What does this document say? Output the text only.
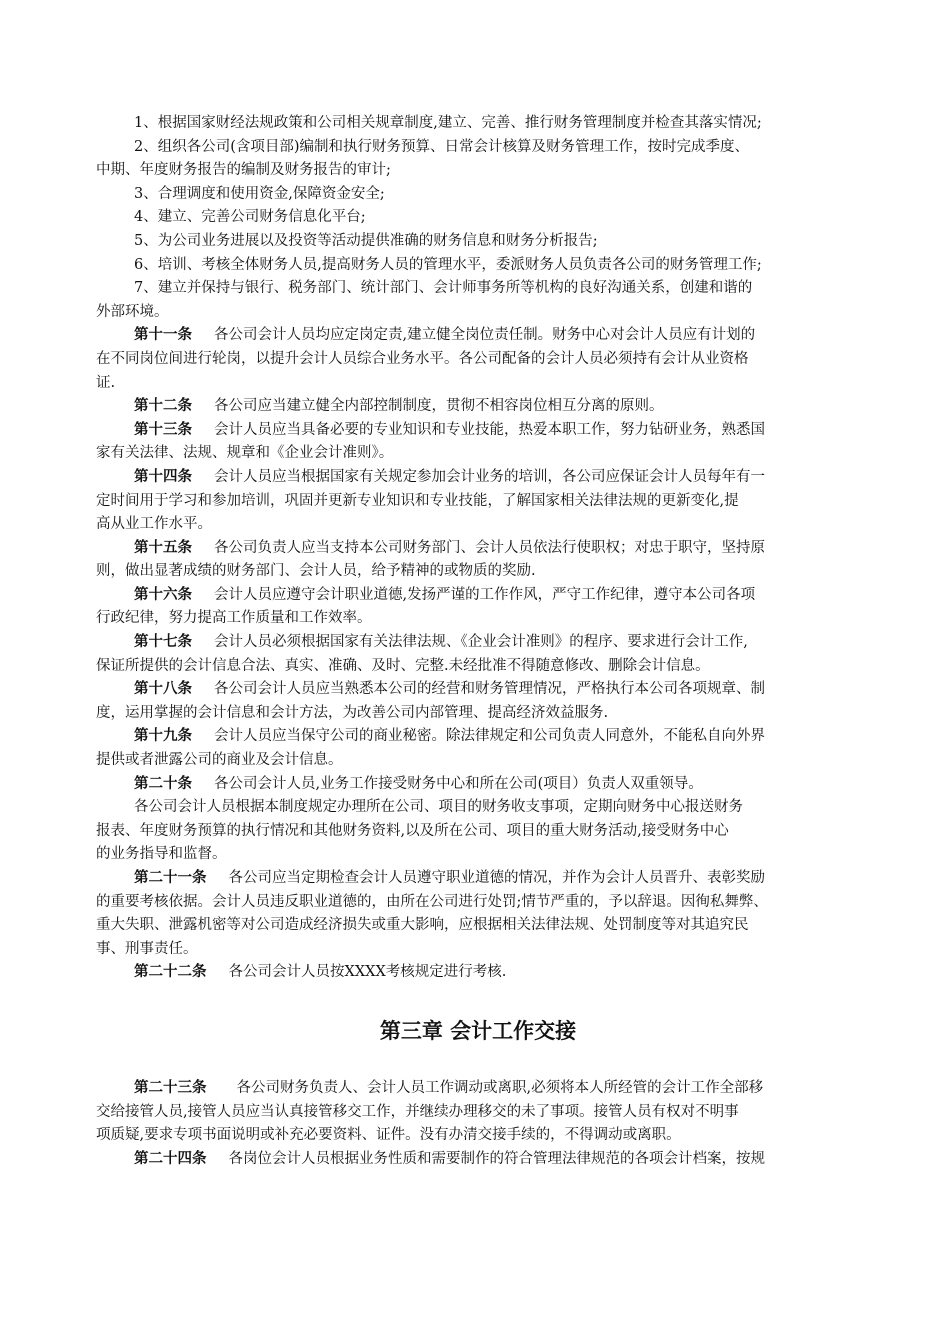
1、根据国家财经法规政策和公司相关规章制度,建立、完善、推行财务管理制度并检查其落实情况;
2、组织各公司(含项目部)编制和执行财务预算、日常会计核算及财务管理工作，按时完成季度、
中期、年度财务报告的编制及财务报告的审计;
3、合理调度和使用资金,保障资金安全;
4、建立、完善公司财务信息化平台;
5、为公司业务进展以及投资等活动提供准确的财务信息和财务分析报告;
6、培训、考核全体财务人员,提高财务人员的管理水平，委派财务人员负责各公司的财务管理工作;
7、建立并保持与银行、税务部门、统计部门、会计师事务所等机构的良好沟通关系，创建和谐的
外部环境。
第十一条 各公司会计人员均应定岗定责,建立健全岗位责任制。财务中心对会计人员应有计划的
在不同岗位间进行轮岗，以提升会计人员综合业务水平。各公司配备的会计人员必须持有会计从业资格
证.
第十二条 各公司应当建立健全内部控制制度，贯彻不相容岗位相互分离的原则。
第十三条 会计人员应当具备必要的专业知识和专业技能，热爱本职工作，努力钻研业务，熟悉国
家有关法律、法规、规章和《企业会计准则》。
第十四条 会计人员应当根据国家有关规定参加会计业务的培训，各公司应保证会计人员每年有一
定时间用于学习和参加培训，巩固并更新专业知识和专业技能，了解国家相关法律法规的更新变化,提
高从业工作水平。
第十五条 各公司负责人应当支持本公司财务部门、会计人员依法行使职权；对忠于职守，坚持原
则，做出显著成绩的财务部门、会计人员，给予精神的或物质的奖励.
第十六条 会计人员应遵守会计职业道德,发扬严谨的工作作风，严守工作纪律，遵守本公司各项
行政纪律，努力提高工作质量和工作效率。
第十七条 会计人员必须根据国家有关法律法规、《企业会计准则》的程序、要求进行会计工作,
保证所提供的会计信息合法、真实、准确、及时、完整.未经批准不得随意修改、删除会计信息。
第十八条 各公司会计人员应当熟悉本公司的经营和财务管理情况，严格执行本公司各项规章、制
度，运用掌握的会计信息和会计方法，为改善公司内部管理、提高经济效益服务.
第十九条 会计人员应当保守公司的商业秘密。除法律规定和公司负责人同意外，不能私自向外界
提供或者泄露公司的商业及会计信息。
第二十条 各公司会计人员,业务工作接受财务中心和所在公司(项目）负责人双重领导。
各公司会计人员根据本制度规定办理所在公司、项目的财务收支事项，定期向财务中心报送财务
报表、年度财务预算的执行情况和其他财务资料,以及所在公司、项目的重大财务活动,接受财务中心
的业务指导和监督。
第二十一条 各公司应当定期检查会计人员遵守职业道德的情况，并作为会计人员晋升、表彰奖励
的重要考核依据。会计人员违反职业道德的，由所在公司进行处罚;情节严重的，予以辞退。因徇私舞弊、
重大失职、泄露机密等对公司造成经济损失或重大影响，应根据相关法律法规、处罚制度等对其追究民
事、刑事责任。
第二十二条 各公司会计人员按XXXX考核规定进行考核.
第三章 会计工作交接
第二十三条 各公司财务负责人、会计人员工作调动或离职,必须将本人所经管的会计工作全部移
交给接管人员,接管人员应当认真接管移交工作，并继续办理移交的未了事项。接管人员有权对不明事
项质疑,要求专项书面说明或补充必要资料、证件。没有办清交接手续的，不得调动或离职。
第二十四条 各岗位会计人员根据业务性质和需要制作的符合管理法律规范的各项会计档案，按规
